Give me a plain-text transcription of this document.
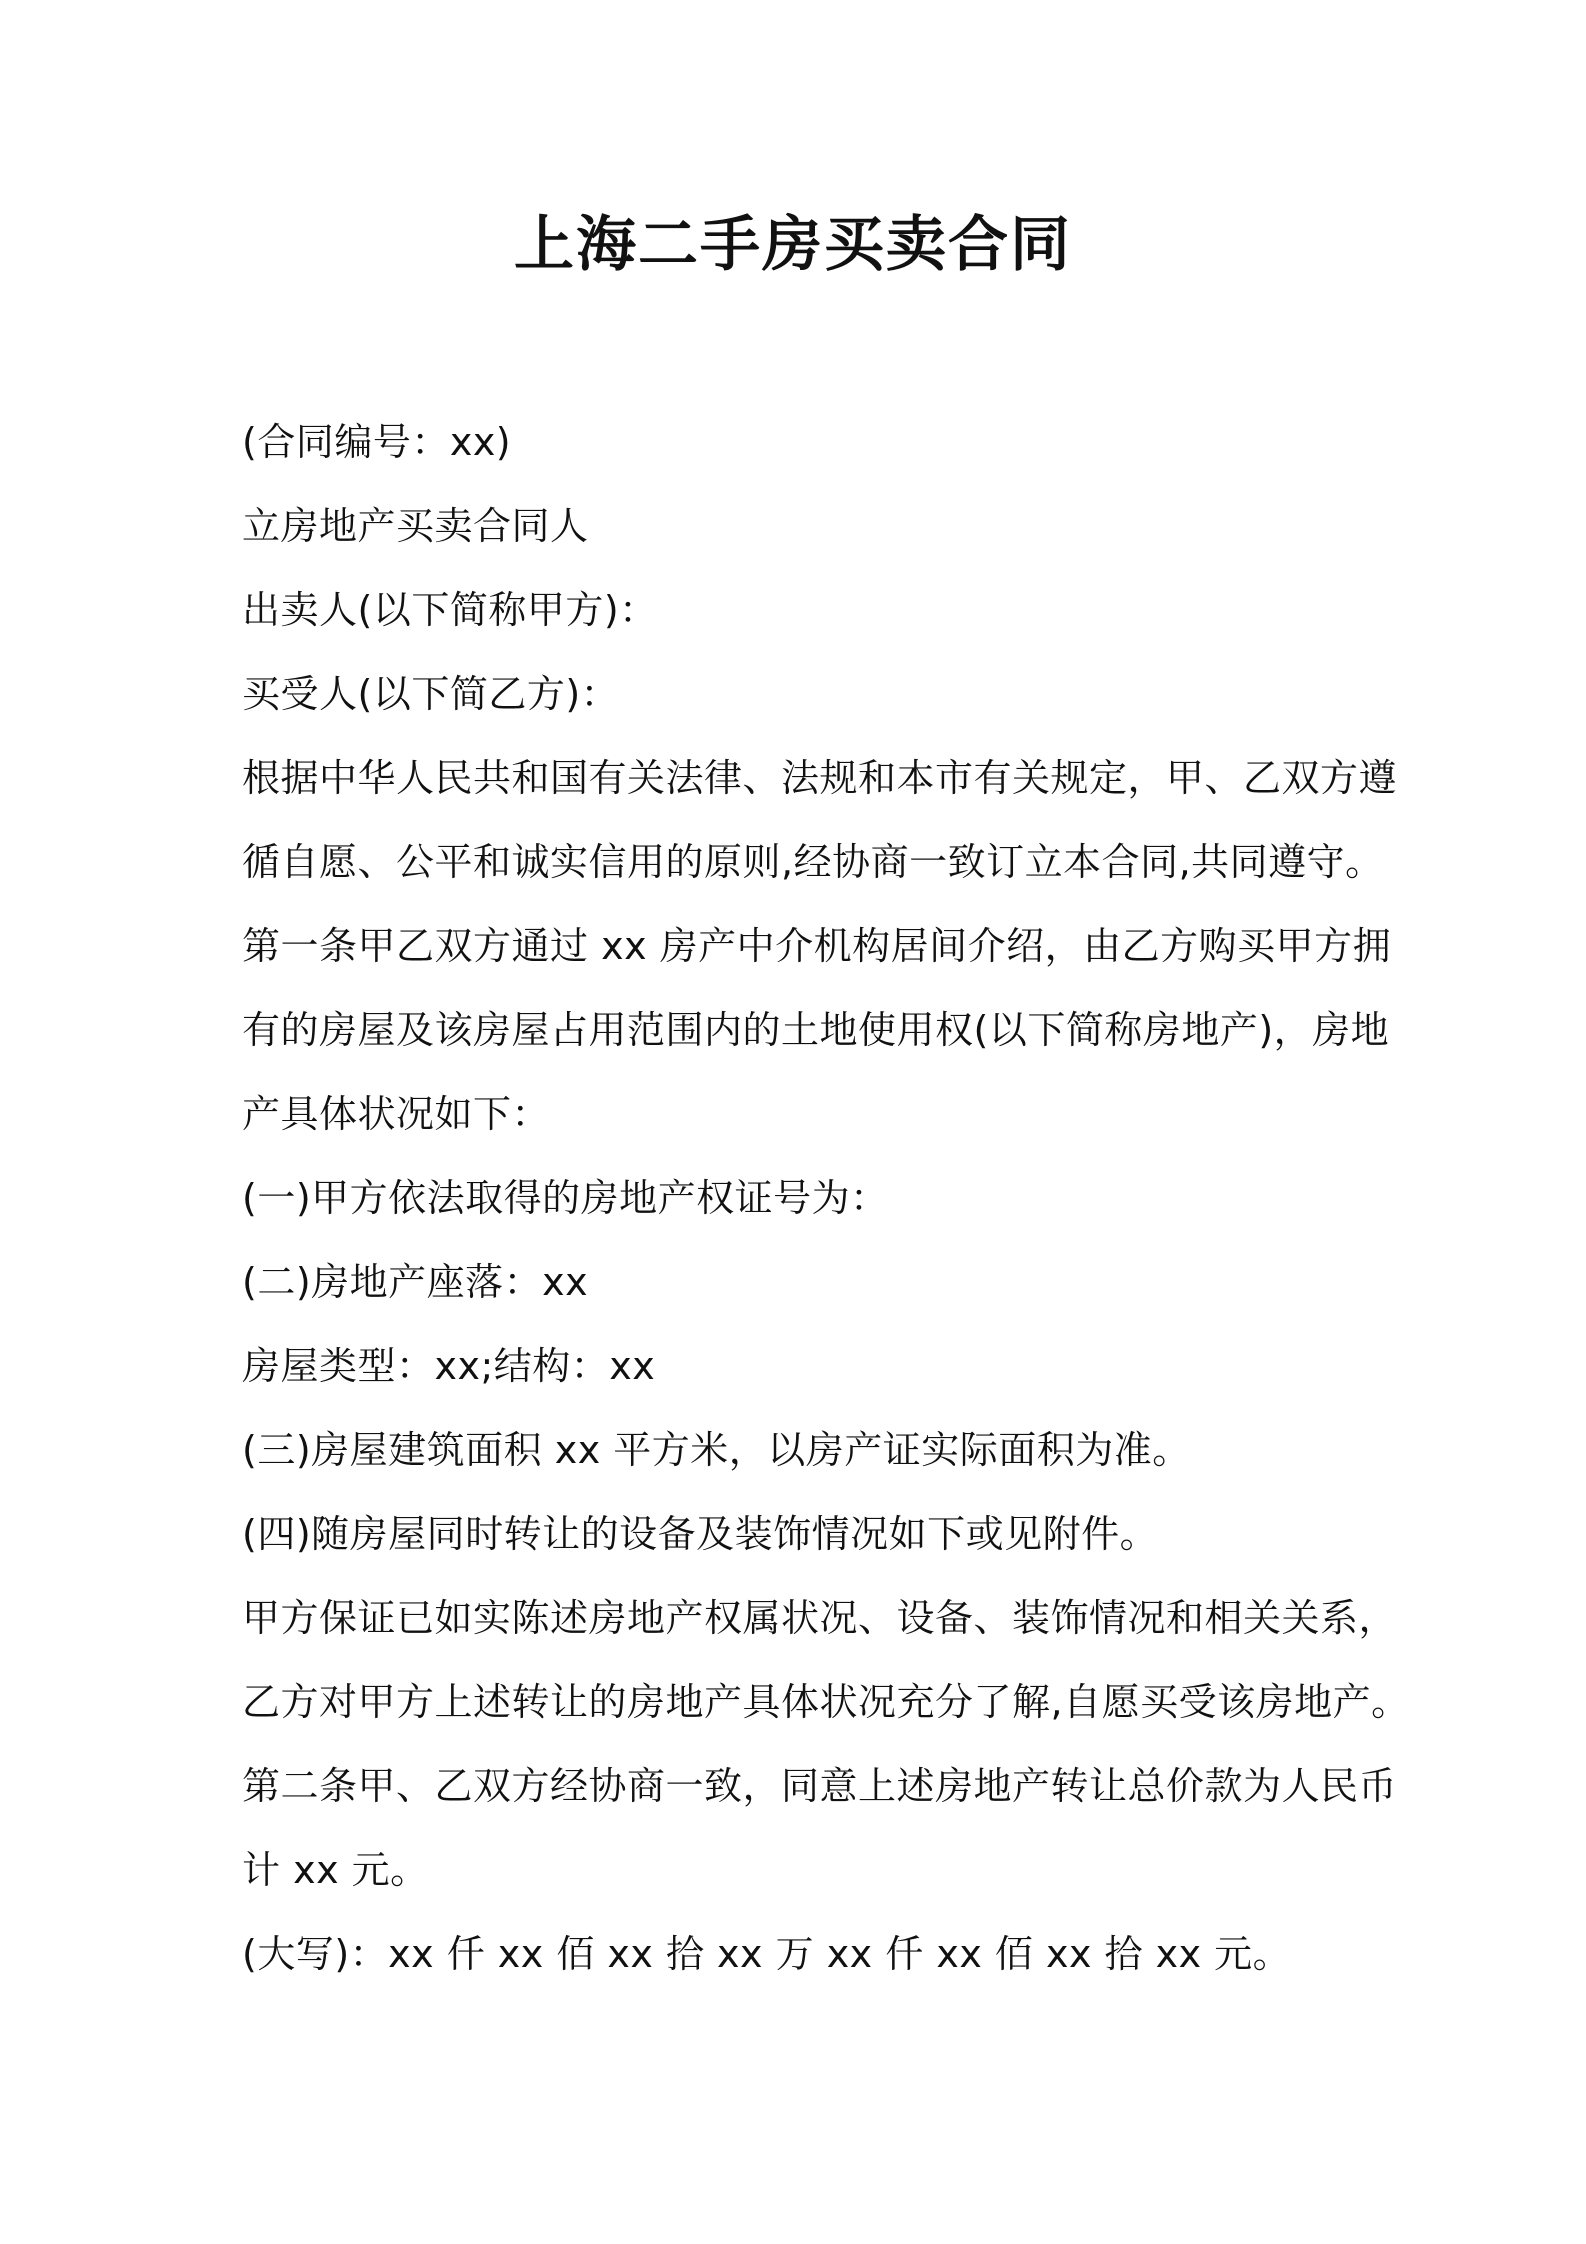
上海二手房买卖合同
(合同编号：xx)
立房地产买卖合同人
出卖人(以下简称甲方)：
买受人(以下简乙方)：
根据中华人民共和国有关法律、法规和本市有关规定，甲、乙双方遵
循自愿、公平和诚实信用的原则,经协商一致订立本合同,共同遵守。
第一条甲乙双方通过 xx 房产中介机构居间介绍，由乙方购买甲方拥
有的房屋及该房屋占用范围内的土地使用权(以下简称房地产)，房地
产具体状况如下：
(一)甲方依法取得的房地产权证号为：
(二)房地产座落：xx
房屋类型：xx;结构：xx
(三)房屋建筑面积 xx 平方米，以房产证实际面积为准。
(四)随房屋同时转让的设备及装饰情况如下或见附件。
甲方保证已如实陈述房地产权属状况、设备、装饰情况和相关关系，
乙方对甲方上述转让的房地产具体状况充分了解,自愿买受该房地产。
第二条甲、乙双方经协商一致，同意上述房地产转让总价款为人民币
计 xx 元。
(大写)：xx 仟 xx 佰 xx 拾 xx 万 xx 仟 xx 佰 xx 拾 xx 元。
